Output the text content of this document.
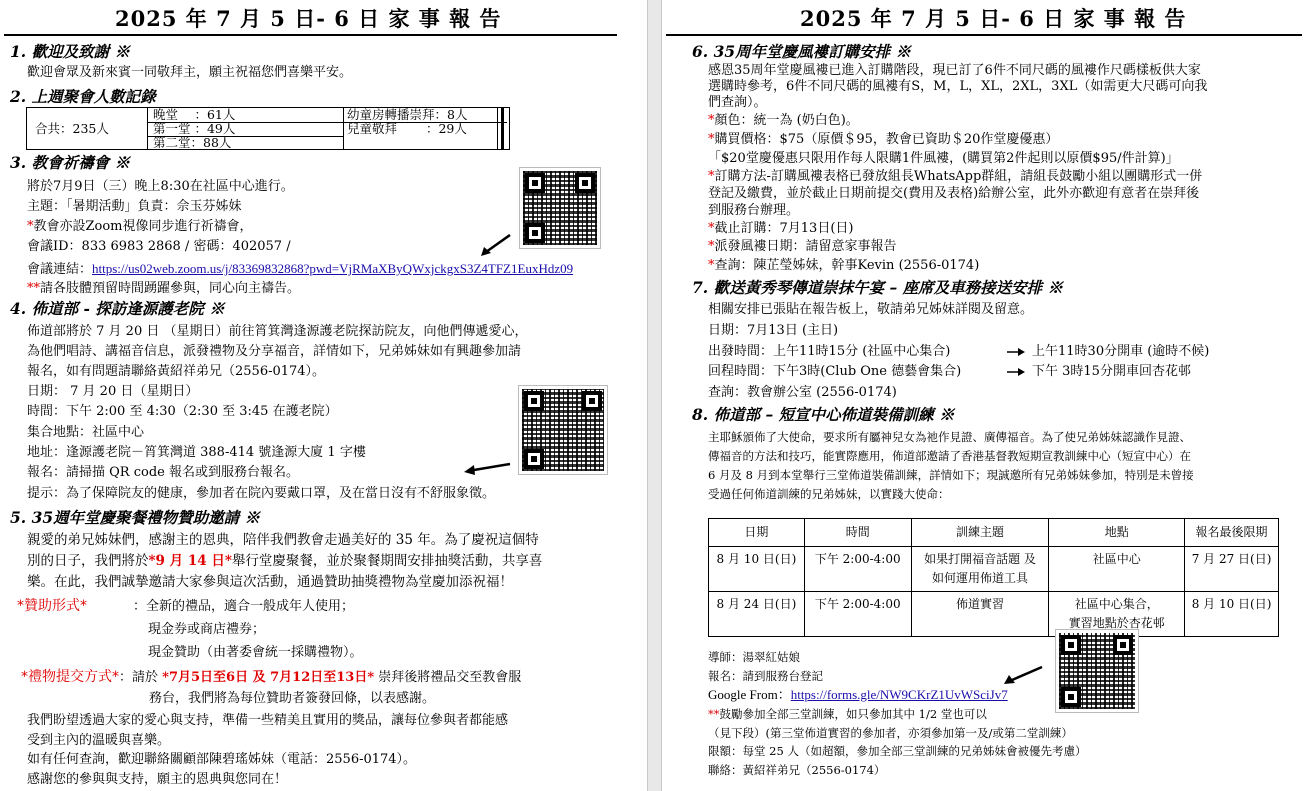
2025 年 7 月 5 日- 6 日 家 事 報 告
1. 歡迎及致謝 ※
歡迎會眾及新來賓一同敬拜主，願主祝福您們喜樂平安。
2. 上週聚會人數記錄
合共：235人
晚堂　 ：61人
第一堂 ：49人
第二堂：88人
幼童房轉播崇拜：8人
兒童敬拜　 　：29人
3. 教會祈禱會 ※
將於7月9日（三）晚上8:30在社區中心進行。
主題：「暑期活動」負責：佘玉芬姊妹
*教會亦設Zoom視像同步進行祈禱會，
會議ID：833 6983 2868 / 密碼：402057 /
會議連結：https://us02web.zoom.us/j/83369832868?pwd=VjRMaXByQWxjckgxS3Z4TFZ1EuxHdz09
**請各肢體預留時間踴躍參與，同心向主禱告。
4. 佈道部 - 探訪逢源護老院 ※
佈道部將於 7 月 20 日 （星期日）前往筲箕灣逢源護老院探訪院友，向他們傳遞愛心，
為他們唱詩、講福音信息，派發禮物及分享福音，詳情如下，兄弟姊妹如有興趣參加請
報名，如有問題請聯絡黃紹祥弟兄（2556-0174）。
日期： 7 月 20 日（星期日）
時間：下午 2:00 至 4:30（2:30 至 3:45 在護老院）
集合地點：社區中心
地址：逢源護老院－筲箕灣道 388-414 號逢源大廈 1 字樓
報名：請掃描 QR code 報名或到服務台報名。
提示：為了保障院友的健康，參加者在院內要戴口罩，及在當日沒有不舒服象徵。
5. 35週年堂慶聚餐禮物贊助邀請 ※
親愛的弟兄姊妹們，感謝主的恩典，陪伴我們教會走過美好的 35 年。為了慶祝這個特
別的日子，我們將於*9 月 14 日*舉行堂慶聚餐，並於聚餐期間安排抽獎活動，共享喜
樂。在此，我們誠摯邀請大家參與這次活動，通過贊助抽獎禮物為堂慶加添祝福！
*贊助形式*	：全新的禮品，適合一般成年人使用；
現金券或商店禮券；
現金贊助（由著委會統一採購禮物）。
*禮物提交方式*：請於 *7月5日至6日 及 7月12日至13日* 崇拜後將禮品交至教會服
務台，我們將為每位贊助者簽發回條，以表感謝。
我們盼望透過大家的愛心與支持，準備一些精美且實用的獎品，讓每位參與者都能感
受到主內的溫暖與喜樂。
如有任何查詢，歡迎聯絡關顧部陳碧瑤姊妹（電話：2556-0174）。
感謝您的參與與支持，願主的恩典與您同在！
2025 年 7 月 5 日- 6 日 家 事 報 告
6. 35周年堂慶風褸訂購安排 ※
感恩35周年堂慶風褸已進入訂購階段，現已訂了6件不同尺碼的風褸作尺碼樣板供大家
選購時參考，6件不同尺碼的風褸有S，M，L，XL，2XL，3XL（如需更大尺碼可向我
們查詢）。
*顏色：統一為 (奶白色)。
*購買價格：$75（原價＄95，教會已資助＄20作堂慶優惠）
「$20堂慶優惠只限用作每人限購1件風褸，(購買第2件起則以原價$95/件計算)」
*訂購方法-訂購風褸表格已發放組長WhatsApp群組，請組長鼓勵小組以團購形式一併
登記及繳費，並於截止日期前提交(費用及表格)給辦公室，此外亦歡迎有意者在崇拜後
到服務台辦理。
*截止訂購：7月13日(日)
*派發風褸日期：請留意家事報告
*查詢：陳芷瑩姊妹，幹事Kevin (2556-0174)
7. 歡送黃秀琴傳道崇抹午宴 – 座席及車務接送安排 ※
相關安排已張貼在報告板上，敬請弟兄姊妹詳閱及留意。
日期：7月13日 (主日)
出發時間：上午11時15分 (社區中心集合)	上午11時30分開車 (逾時不候)
回程時間：下午3時(Club One 德藝會集合)	下午 3時15分開車回杏花邨
查詢：教會辦公室 (2556-0174)
8. 佈道部 – 短宣中心佈道裝備訓練 ※
主耶穌頒佈了大使命，要求所有屬神兒女為祂作見證、廣傳福音。為了使兄弟姊妹認識作見證、
傳福音的方法和技巧，能實際應用，佈道部邀請了香港基督教短期宣教訓練中心（短宣中心）在
6 月及 8 月到本堂舉行三堂佈道裝備訓練，詳情如下；現誠邀所有兄弟姊妹參加，特別是未曾接
受過任何佈道訓練的兄弟姊妹，以實踐大使命：
日期	時間	訓練主題	地點	報名最後限期
8 月 10 日(日)	下午 2:00-4:00	如果打開福音話題 及
如何運用佈道工具	社區中心	7 月 27 日(日)
8 月 24 日(日)	下午 2:00-4:00	佈道實習	社區中心集合，
實習地點於杏花邨	8 月 10 日(日)
導師：湯翠紅姑娘
報名：請到服務台登記
Google From：https://forms.gle/NW9CKrZ1UvWSciJv7
**鼓勵參加全部三堂訓練，如只參加其中 1/2 堂也可以
（見下段）(第三堂佈道實習的參加者，亦須參加第一及/或第二堂訓練）
限額：每堂 25 人（如超額，參加全部三堂訓練的兄弟姊妹會被優先考慮）
聯絡：黃紹祥弟兄（2556-0174）
